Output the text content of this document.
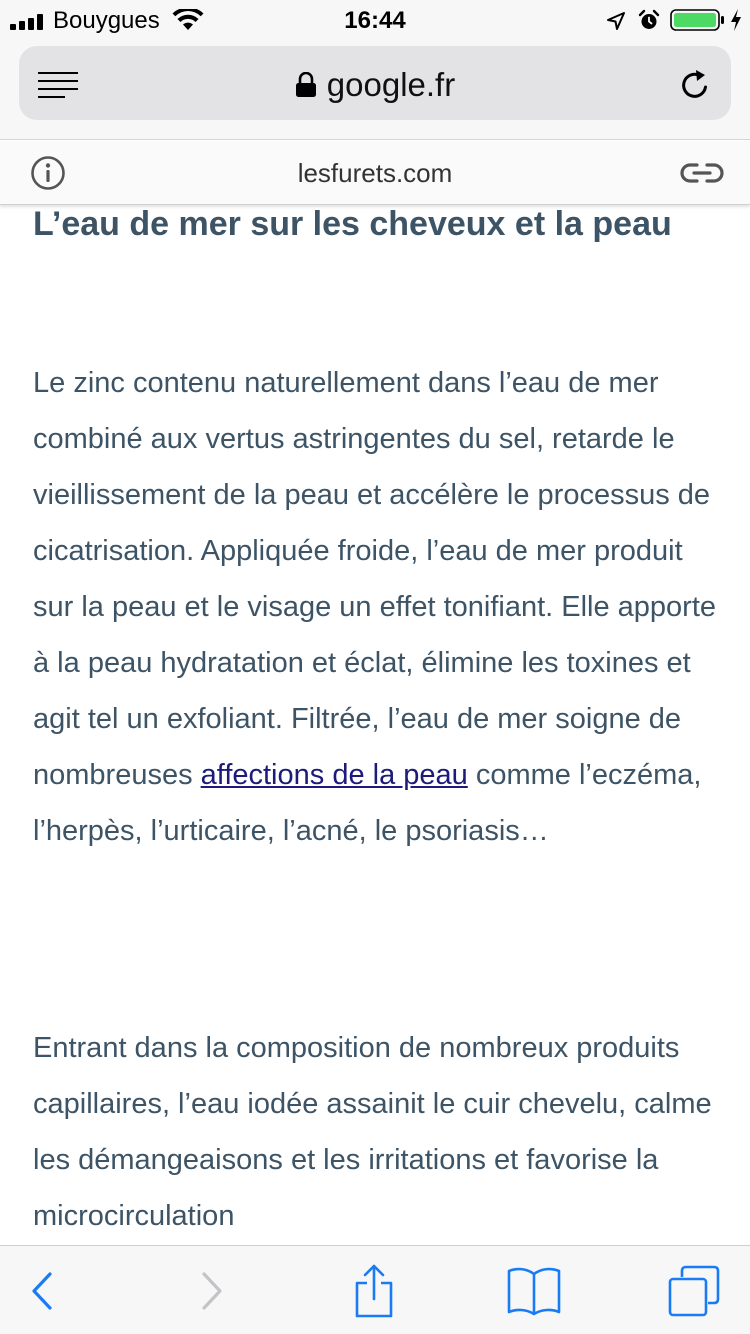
Bouygues	16:44
google.fr
lesfurets.com
L’eau de mer sur les cheveux et la peau

Le zinc contenu naturellement dans l’eau de mer combiné aux vertus astringentes du sel, retarde le vieillissement de la peau et accélère le processus de cicatrisation. Appliquée froide, l’eau de mer produit sur la peau et le visage un effet tonifiant. Elle apporte à la peau hydratation et éclat, élimine les toxines et agit tel un exfoliant. Filtrée, l’eau de mer soigne de nombreuses affections de la peau comme l’eczéma, l’herpès, l’urticaire, l’acné, le psoriasis…

Entrant dans la composition de nombreux produits capillaires, l’eau iodée assainit le cuir chevelu, calme les démangeaisons et les irritations et favorise la microcirculation
